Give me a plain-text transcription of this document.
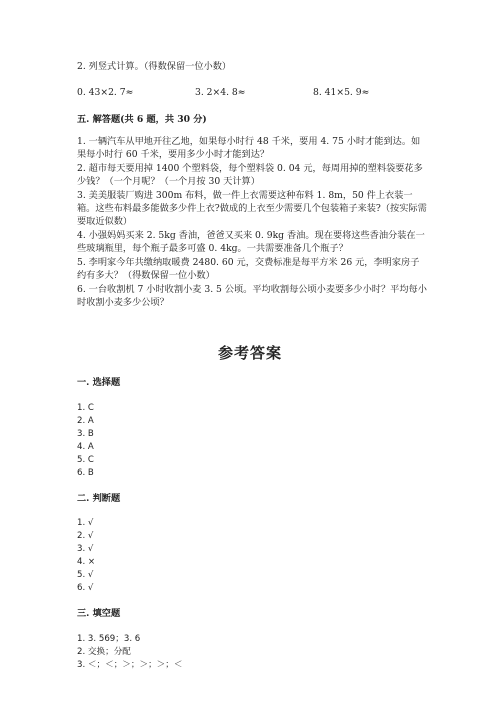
2. 列竖式计算。（得数保留一位小数）
0. 43×2. 7≈	3. 2×4. 8≈	8. 41×5. 9≈
五. 解答题(共 6 题，共 30 分)
1. 一辆汽车从甲地开往乙地，如果每小时行 48 千米，要用 4. 75 小时才能到达。如果每小时行 60 千米，要用多少小时才能到达？
2. 超市每天要用掉 1400 个塑料袋，每个塑料袋 0. 04 元，每周用掉的塑料袋要花多少钱？（一个月呢？（一个月按 30 天计算）
3. 美美服装厂购进 300m 布料，做一件上衣需要这种布料 1. 8m，50 件上衣装一箱。这些布料最多能做多少件上衣?做成的上衣至少需要几个包装箱子来装?（按实际需要取近似数）
4. 小强妈妈买来 2. 5kg 香油，爸爸又买来 0. 9kg 香油。现在要将这些香油分装在一些玻璃瓶里，每个瓶子最多可盛 0. 4kg。一共需要准备几个瓶子？
5. 李明家今年共缴纳取暖费 2480. 60 元，交费标准是每平方米 26 元，李明家房子约有多大？（得数保留一位小数）
6. 一台收割机 7 小时收割小麦 3. 5 公顷。平均收割每公顷小麦要多少小时？平均每小时收割小麦多少公顷？
参考答案
一. 选择题
1. C
2. A
3. B
4. A
5. C
6. B
二. 判断题
1. √
2. √
3. √
4. ×
5. √
6. √
三. 填空题
1. 3. 569；3. 6
2. 交换；分配
3. ＜；＜；＞；＞；＞；＜
